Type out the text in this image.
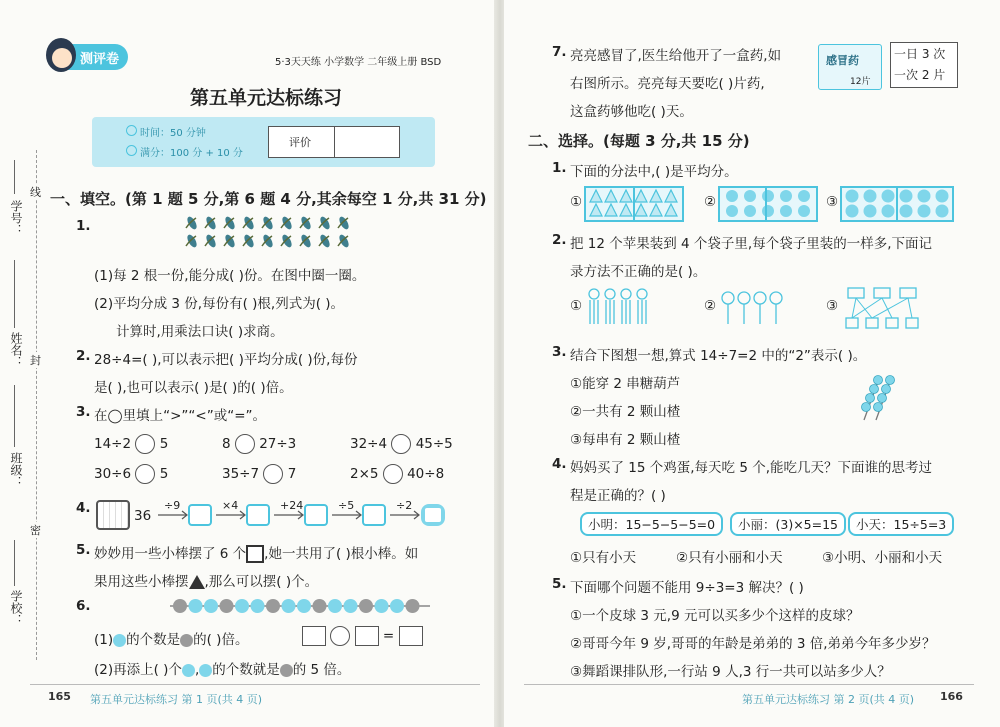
学号：
线
姓名： 封
班级：
密
学校：
测评卷	5·3天天练 小学数学 二年级上册 BSD
第五单元达标练习
时间：50 分钟
满分：100 分 + 10 分
评价
一、填空。(第 1 题 5 分,第 6 题 4 分,其余每空 1 分,共 31 分)
1.
(1)每 2 根一份,能分成( )份。在图中圈一圈。
(2)平均分成 3 份,每份有( )根,列式为( )。
计算时,用乘法口诀( )求商。
2. 28÷4=( ),可以表示把( )平均分成( )份,每份
是( ),也可以表示( )是( )的( )倍。
3. 在◯里填上“>”“<”或“=”。
14÷2 5	8 27÷3	32÷4 45÷5
30÷6 5	35÷7 7	2×5 40÷8
4.	36
÷9	×4	+24	÷5	÷2
5. 妙妙用一些小棒摆了 6 个 ,她一共用了( )根小棒。如
果用这些小棒摆 ,那么可以摆( )个。
6.
(1) 的个数是 的( )倍。	=
(2)再添上( )个 , 的个数就是 的 5 倍。
165 第五单元达标练习 第 1 页(共 4 页)
7. 亮亮感冒了,医生给他开了一盒药,如
右图所示。亮亮每天要吃( )片药,
这盒药够他吃( )天。
感冒药
12片
一日 3 次
一次 2 片
二、选择。(每题 3 分,共 15 分)
1. 下面的分法中,( )是平均分。
①	②	③
2. 把 12 个苹果装到 4 个袋子里,每个袋子里装的一样多,下面记
录方法不正确的是( )。
①	②	③
3. 结合下图想一想,算式 14÷7=2 中的“2”表示( )。
①能穿 2 串糖葫芦
②一共有 2 颗山楂
③每串有 2 颗山楂
4. 妈妈买了 15 个鸡蛋,每天吃 5 个,能吃几天？下面谁的思考过
程是正确的？( )
小明：15−5−5−5=0	小丽：(3)×5=15	小天：15÷5=3
①只有小天	②只有小丽和小天	③小明、小丽和小天
5. 下面哪个问题不能用 9÷3=3 解决？( )
①一个皮球 3 元,9 元可以买多少个这样的皮球？
②哥哥今年 9 岁,哥哥的年龄是弟弟的 3 倍,弟弟今年多少岁？
③舞蹈课排队形,一行站 9 人,3 行一共可以站多少人？
第五单元达标练习 第 2 页(共 4 页) 166
